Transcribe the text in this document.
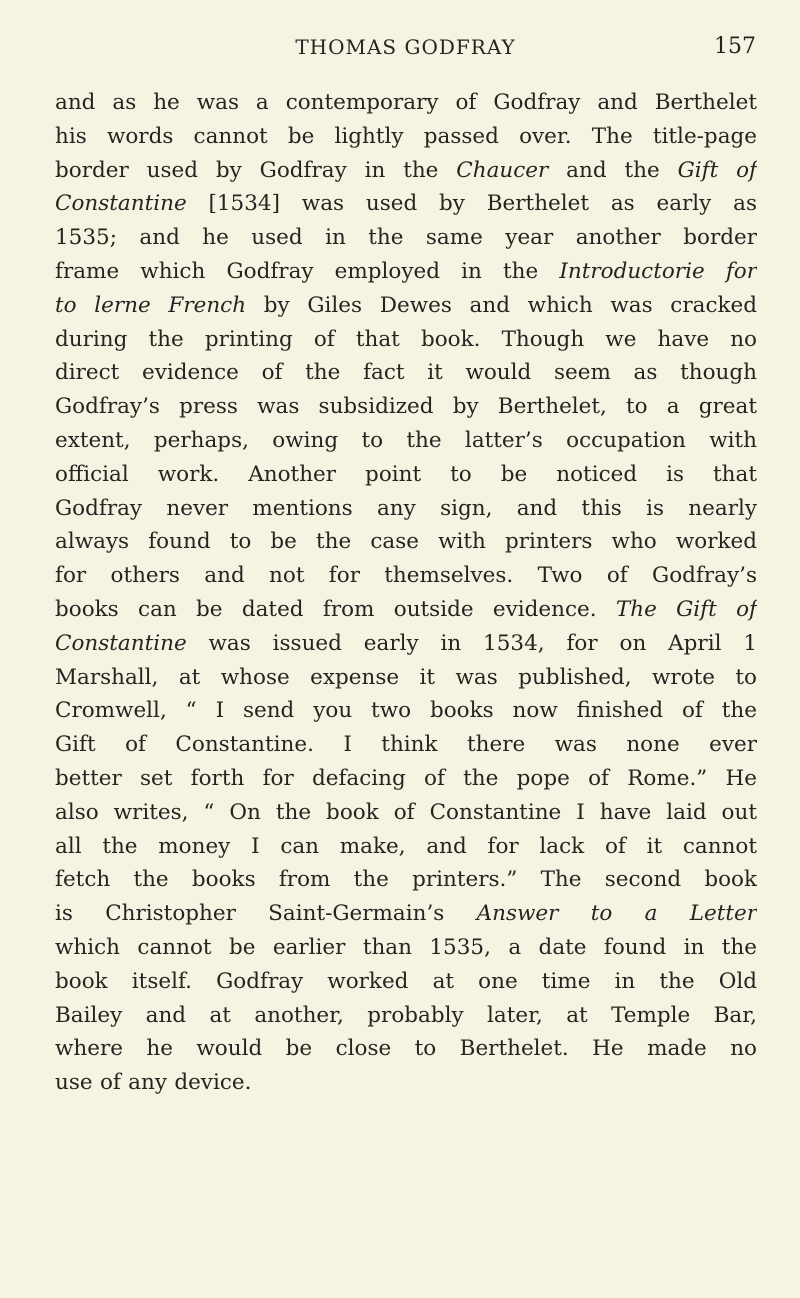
THOMAS GODFRAY	157
and as he was a contemporary of Godfray and Berthelet
his words cannot be lightly passed over. The title-page
border used by Godfray in the Chaucer and the Gift of
Constantine [1534] was used by Berthelet as early as
1535; and he used in the same year another border
frame which Godfray employed in the Introductorie for
to lerne French by Giles Dewes and which was cracked
during the printing of that book. Though we have no
direct evidence of the fact it would seem as though
Godfray’s press was subsidized by Berthelet, to a great
extent, perhaps, owing to the latter’s occupation with
official work. Another point to be noticed is that
Godfray never mentions any sign, and this is nearly
always found to be the case with printers who worked
for others and not for themselves. Two of Godfray’s
books can be dated from outside evidence. The Gift of
Constantine was issued early in 1534, for on April 1
Marshall, at whose expense it was published, wrote to
Cromwell, “ I send you two books now finished of the
Gift of Constantine. I think there was none ever
better set forth for defacing of the pope of Rome.” He
also writes, “ On the book of Constantine I have laid out
all the money I can make, and for lack of it cannot
fetch the books from the printers.” The second book
is Christopher Saint-Germain’s Answer to a Letter
which cannot be earlier than 1535, a date found in the
book itself. Godfray worked at one time in the Old
Bailey and at another, probably later, at Temple Bar,
where he would be close to Berthelet. He made no
use of any device.
